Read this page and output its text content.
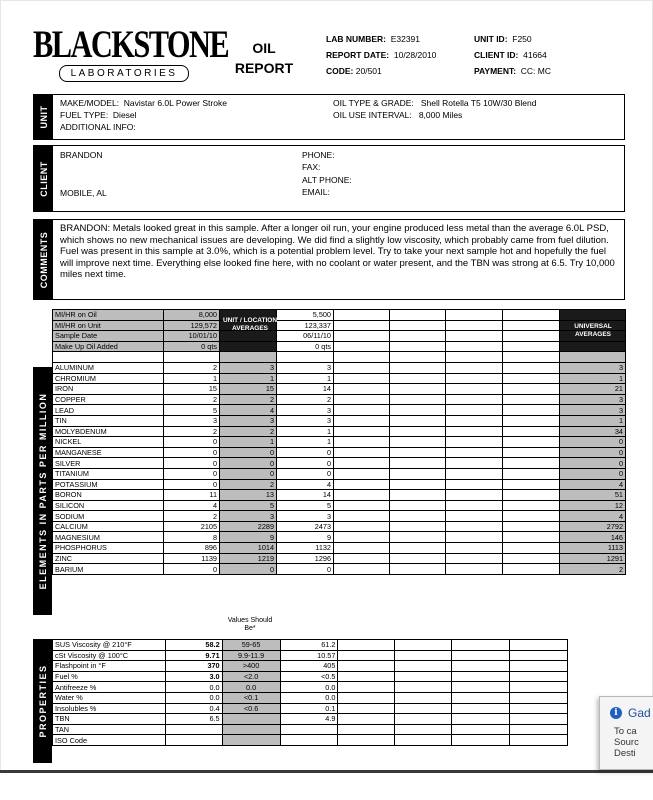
BLACKSTONE
LABORATORIES
OIL
REPORT
LAB NUMBER: E32391
REPORT DATE: 10/28/2010
CODE: 20/501
UNIT ID: F250
CLIENT ID: 41664
PAYMENT: CC: MC
UNIT
MAKE/MODEL: Navistar 6.0L Power Stroke
FUEL TYPE: Diesel
ADDITIONAL INFO:
OIL TYPE & GRADE: Shell Rotella T5 10W/30 Blend
OIL USE INTERVAL: 8,000 Miles
CLIENT
BRANDON
MOBILE, AL
PHONE:
FAX:
ALT PHONE:
EMAIL:
COMMENTS
BRANDON: Metals looked great in this sample. After a longer oil run, your engine produced less metal than the average 6.0L PSD, which shows no new mechanical issues are developing. We did find a slightly low viscosity, which probably came from fuel dilution. Fuel was present in this sample at 3.0%, which is a potential problem level. Try to take your next sample hot and hopefully the fuel will improve next time. Everything else looked fine here, with no coolant or water present, and the TBN was strong at 6.5. Try 10,000 miles next time.
MI/HR on Oil	8,000		5,500					
MI/HR on Unit	129,572		123,337					
Sample Date	10/01/10		06/11/10					
Make Up Oil Added	0 qts		0 qts					

ALUMINUM	2	3	3					3
CHROMIUM	1	1	1					1
IRON	15	15	14					21
COPPER	2	2	2					3
LEAD	5	4	3					3
TIN	3	3	3					1
MOLYBDENUM	2	2	1					34
NICKEL	0	1	1					0
MANGANESE	0	0	0					0
SILVER	0	0	0					0
TITANIUM	0	0	0					0
POTASSIUM	0	2	4					4
BORON	11	13	14					51
SILICON	4	5	5					12
SODIUM	2	3	3					4
CALCIUM	2105	2289	2473					2792
MAGNESIUM	8	9	9					146
PHOSPHORUS	896	1014	1132					1113
ZINC	1139	1219	1296					1291
BARIUM	0	0	0					2
UNIT / LOCATION AVERAGES	UNIVERSAL AVERAGES
ELEMENTS IN PARTS PER MILLION
Values Should Be*
SUS Viscosity @ 210°F	58.2	59-65	61.2				
cSt Viscosity @ 100°C	9.71	9.9-11.9	10.57				
Flashpoint in °F	370	>400	405				
Fuel %	3.0	<2.0	<0.5				
Antifreeze %	0.0	0.0	0.0				
Water %	0.0	<0.1	0.0				
Insolubles %	0.4	<0.6	0.1				
TBN	6.5		4.9				
TAN							
ISO Code							
PROPERTIES	i Gad
To ca
Sourc
Desti
